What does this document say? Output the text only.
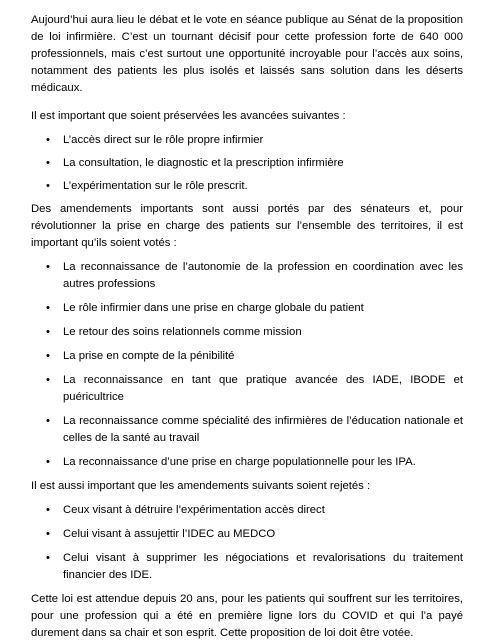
Aujourd’hui aura lieu le débat et le vote en séance publique au Sénat de la proposition de loi infirmière. C’est un tournant décisif pour cette profession forte de 640 000 professionnels, mais c’est surtout une opportunité incroyable pour l’accès aux soins, notamment des patients les plus isolés et laissés sans solution dans les déserts médicaux.

Il est important que soient préservées les avancées suivantes :

• L’accès direct sur le rôle propre infirmier
• La consultation, le diagnostic et la prescription infirmière
• L’expérimentation sur le rôle prescrit.

Des amendements importants sont aussi portés par des sénateurs et, pour révolutionner la prise en charge des patients sur l’ensemble des territoires, il est important qu’ils soient votés :

• La reconnaissance de l’autonomie de la profession en coordination avec les autres professions
• Le rôle infirmier dans une prise en charge globale du patient
• Le retour des soins relationnels comme mission
• La prise en compte de la pénibilité
• La reconnaissance en tant que pratique avancée des IADE, IBODE et puéricultrice
• La reconnaissance comme spécialité des infirmières de l’éducation nationale et celles de la santé au travail
• La reconnaissance d’une prise en charge populationnelle pour les IPA.

Il est aussi important que les amendements suivants soient rejetés :

• Ceux visant à détruire l’expérimentation accès direct
• Celui visant à assujettir l’IDEC au MEDCO
• Celui visant à supprimer les négociations et revalorisations du traitement financier des IDE.

Cette loi est attendue depuis 20 ans, pour les patients qui souffrent sur les territoires, pour une profession qui a été en première ligne lors du COVID et qui l’a payé durement dans sa chair et son esprit. Cette proposition de loi doit être votée.
